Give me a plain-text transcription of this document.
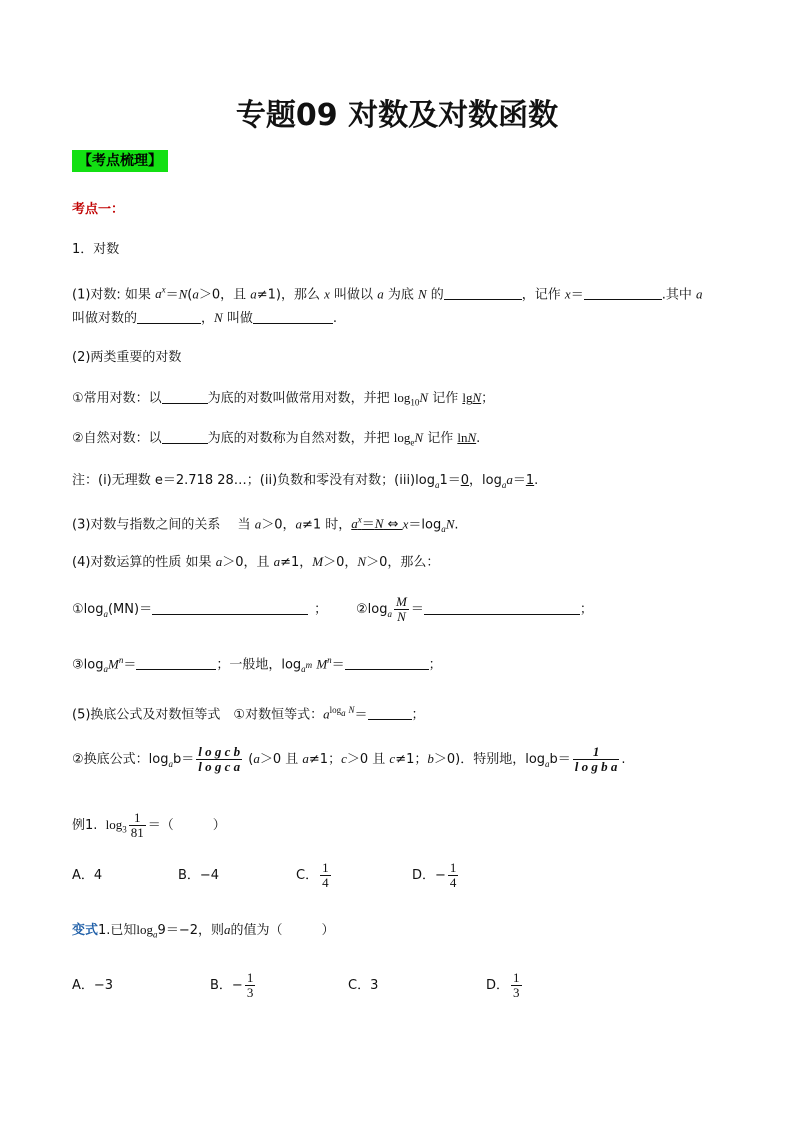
专题09 对数及对数函数
【考点梳理】
考点一：
1．对数
(1)对数: 如果 $a^x=N(a>0$，且 a≠1)，那么 x 叫做以 a 为底 N 的	，记作 x＝	.其中 a
叫做对数的	，N 叫做	.
(2)两类重要的对数
①常用对数：以	为底的对数叫做常用对数，并把 $\log_{10}N$ 记作 lgN；
②自然对数：以	为底的对数称为自然对数，并把 $\log_eN$ 记作 lnN.
注：(i)无理数 e＝2.718 28…；(ii)负数和零没有对数；$(iii)\log_a1=0$，$\log_aa=1$.
(3)对数与指数之间的关系　 当 a＞0，a≠1 时，$a^x=N$ ⇔ $x=\log_aN$.
(4)对数运算的性质 如果 a＞0，且 a≠1，M＞0，N＞0，那么：
$①\log_a(MN)=$	； $②\log_a \frac{M}{N}$ ＝	；
$③\log_aM^n=$	；一般地，$\log_{a^m} M^n=$	；
(5)换底公式及对数恒等式　①对数恒等式：$a^{log_a N}=$	；
②换底公式：$\log_ab= \frac{\text{l o g c b}}{\text{l o g c a}} (a>0$ 且 a≠1；c＞0 且 c≠1；b＞0)．特别地，$\log_ab= \frac{1}{\text{l o g b a}}$ .
例1. $\log_3 \frac{1}{81}$ ＝（　　　）
A．4	B．−4	C． $\frac{1}{4}$	D．− $\frac{1}{4}$
变式1.已知$\log_a9=-2$，则a的值为（　　　）
A．−3	B．− $\frac{1}{3}$	C．3	D． $\frac{1}{3}$
